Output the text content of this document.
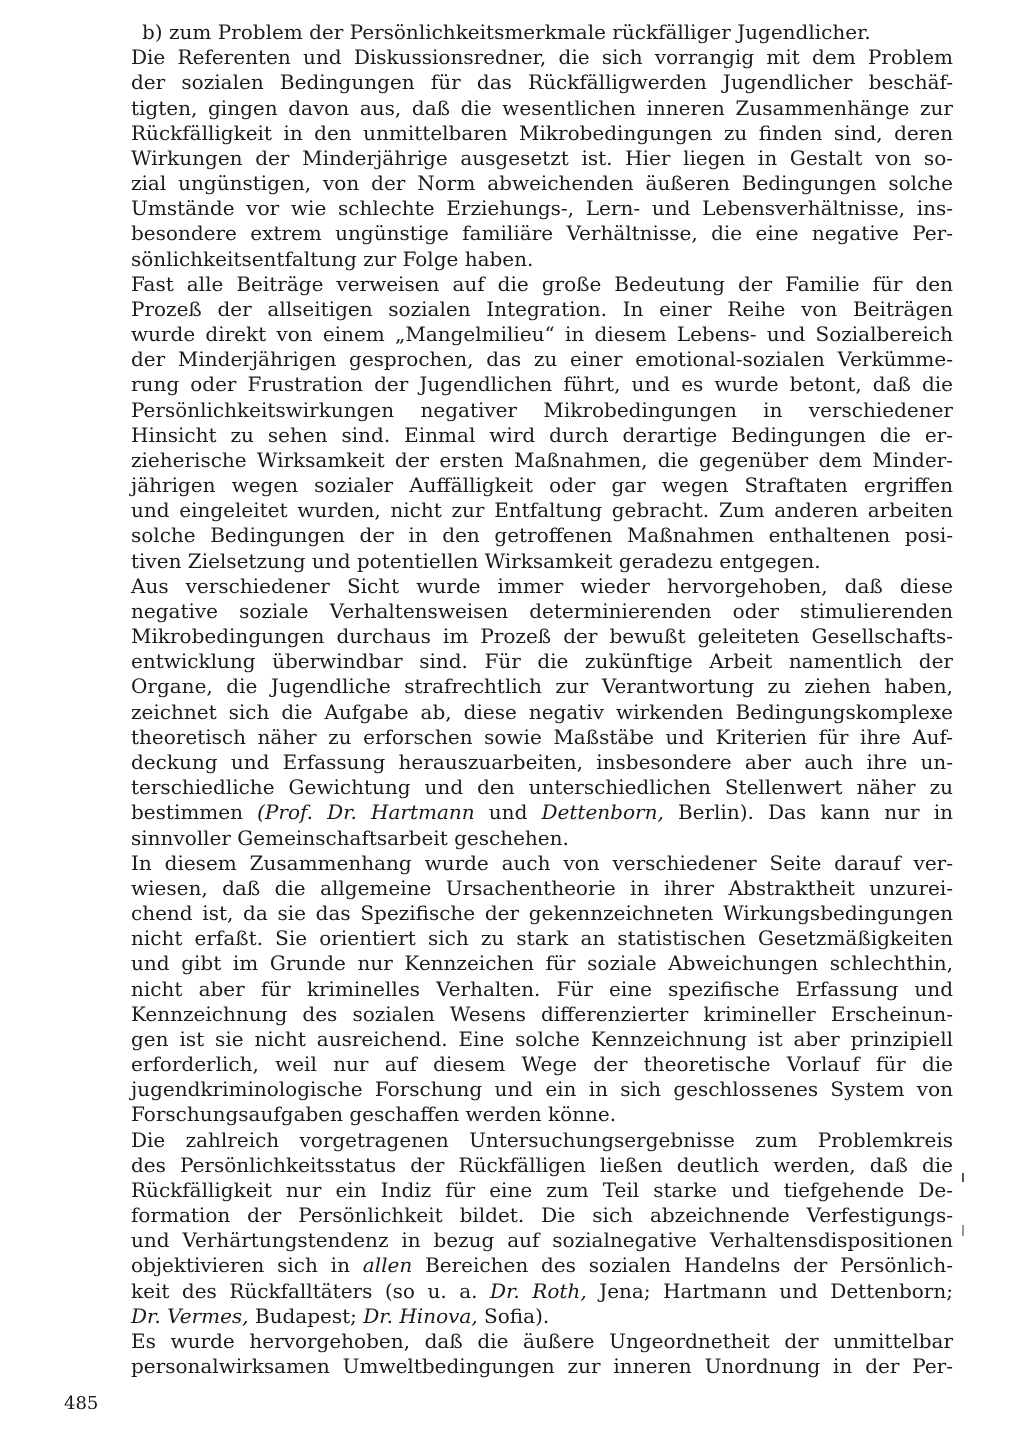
b) zum Problem der Persönlichkeitsmerkmale rückfälliger Jugendlicher.
Die Referenten und Diskussionsredner, die sich vorrangig mit dem Problem
der sozialen Bedingungen für das Rückfälligwerden Jugendlicher beschäf-
tigten, gingen davon aus, daß die wesentlichen inneren Zusammenhänge zur
Rückfälligkeit in den unmittelbaren Mikrobedingungen zu finden sind, deren
Wirkungen der Minderjährige ausgesetzt ist. Hier liegen in Gestalt von so-
zial ungünstigen, von der Norm abweichenden äußeren Bedingungen solche
Umstände vor wie schlechte Erziehungs-, Lern- und Lebensverhältnisse, ins-
besondere extrem ungünstige familiäre Verhältnisse, die eine negative Per-
sönlichkeitsentfaltung zur Folge haben.
Fast alle Beiträge verweisen auf die große Bedeutung der Familie für den
Prozeß der allseitigen sozialen Integration. In einer Reihe von Beiträgen
wurde direkt von einem „Mangelmilieu“ in diesem Lebens- und Sozialbereich
der Minderjährigen gesprochen, das zu einer emotional-sozialen Verkümme-
rung oder Frustration der Jugendlichen führt, und es wurde betont, daß die
Persönlichkeitswirkungen negativer Mikrobedingungen in verschiedener
Hinsicht zu sehen sind. Einmal wird durch derartige Bedingungen die er-
zieherische Wirksamkeit der ersten Maßnahmen, die gegenüber dem Minder-
jährigen wegen sozialer Auffälligkeit oder gar wegen Straftaten ergriffen
und eingeleitet wurden, nicht zur Entfaltung gebracht. Zum anderen arbeiten
solche Bedingungen der in den getroffenen Maßnahmen enthaltenen posi-
tiven Zielsetzung und potentiellen Wirksamkeit geradezu entgegen.
Aus verschiedener Sicht wurde immer wieder hervorgehoben, daß diese
negative soziale Verhaltensweisen determinierenden oder stimulierenden
Mikrobedingungen durchaus im Prozeß der bewußt geleiteten Gesellschafts-
entwicklung überwindbar sind. Für die zukünftige Arbeit namentlich der
Organe, die Jugendliche strafrechtlich zur Verantwortung zu ziehen haben,
zeichnet sich die Aufgabe ab, diese negativ wirkenden Bedingungskomplexe
theoretisch näher zu erforschen sowie Maßstäbe und Kriterien für ihre Auf-
deckung und Erfassung herauszuarbeiten, insbesondere aber auch ihre un-
terschiedliche Gewichtung und den unterschiedlichen Stellenwert näher zu
bestimmen (Prof. Dr. Hartmann und Dettenborn, Berlin). Das kann nur in
sinnvoller Gemeinschaftsarbeit geschehen.
In diesem Zusammenhang wurde auch von verschiedener Seite darauf ver-
wiesen, daß die allgemeine Ursachentheorie in ihrer Abstraktheit unzurei-
chend ist, da sie das Spezifische der gekennzeichneten Wirkungsbedingungen
nicht erfaßt. Sie orientiert sich zu stark an statistischen Gesetzmäßigkeiten
und gibt im Grunde nur Kennzeichen für soziale Abweichungen schlechthin,
nicht aber für kriminelles Verhalten. Für eine spezifische Erfassung und
Kennzeichnung des sozialen Wesens differenzierter krimineller Erscheinun-
gen ist sie nicht ausreichend. Eine solche Kennzeichnung ist aber prinzipiell
erforderlich, weil nur auf diesem Wege der theoretische Vorlauf für die
jugendkriminologische Forschung und ein in sich geschlossenes System von
Forschungsaufgaben geschaffen werden könne.
Die zahlreich vorgetragenen Untersuchungsergebnisse zum Problemkreis
des Persönlichkeitsstatus der Rückfälligen ließen deutlich werden, daß die
Rückfälligkeit nur ein Indiz für eine zum Teil starke und tiefgehende De-
formation der Persönlichkeit bildet. Die sich abzeichnende Verfestigungs-
und Verhärtungstendenz in bezug auf sozialnegative Verhaltensdispositionen
objektivieren sich in allen Bereichen des sozialen Handelns der Persönlich-
keit des Rückfalltäters (so u. a. Dr. Roth, Jena; Hartmann und Dettenborn;
Dr. Vermes, Budapest; Dr. Hinova, Sofia).
Es wurde hervorgehoben, daß die äußere Ungeordnetheit der unmittelbar
personalwirksamen Umweltbedingungen zur inneren Unordnung in der Per-
485
